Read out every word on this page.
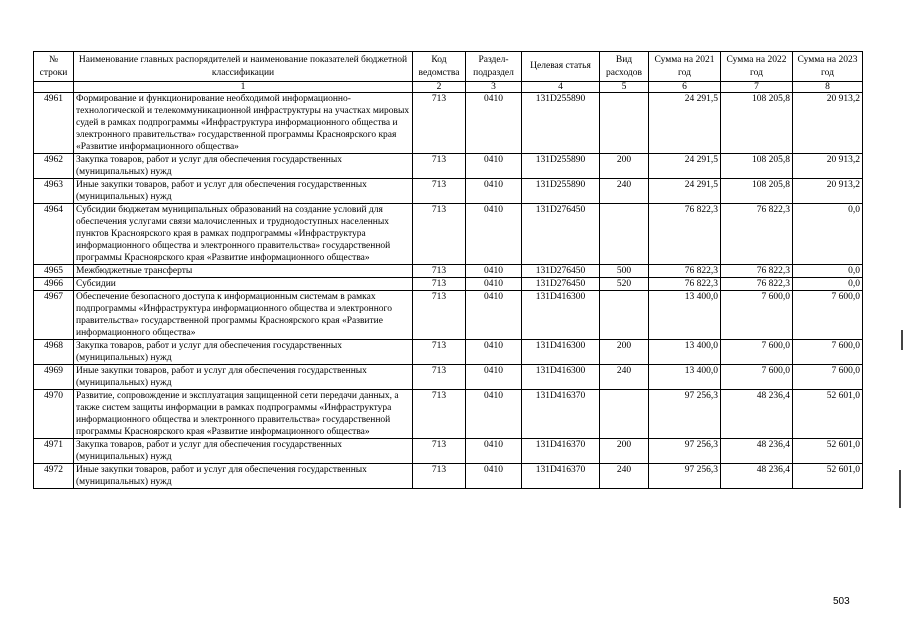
№ строки	Наименование главных распорядителей и наименование показателей бюджетной классификации	Код ведомства	Раздел-подраздел	Целевая статья	Вид расходов	Сумма на 2021 год	Сумма на 2022 год	Сумма на 2023 год
	1	2	3	4	5	6	7	8
4961	Формирование и функционирование необходимой информационно-технологической и телекоммуникационной инфраструктуры на участках мировых судей в рамках подпрограммы «Инфраструктура информационного общества и электронного правительства» государственной программы Красноярского края «Развитие информационного общества»	713	0410	131D255890		24 291,5	108 205,8	20 913,2
4962	Закупка товаров, работ и услуг для обеспечения государственных (муниципальных) нужд	713	0410	131D255890	200	24 291,5	108 205,8	20 913,2
4963	Иные закупки товаров, работ и услуг для обеспечения государственных (муниципальных) нужд	713	0410	131D255890	240	24 291,5	108 205,8	20 913,2
4964	Субсидии бюджетам муниципальных образований на создание условий для обеспечения услугами связи малочисленных и труднодоступных населенных пунктов Красноярского края в рамках подпрограммы «Инфраструктура информационного общества и электронного правительства» государственной программы Красноярского края «Развитие информационного общества»	713	0410	131D276450		76 822,3	76 822,3	0,0
4965	Межбюджетные трансферты	713	0410	131D276450	500	76 822,3	76 822,3	0,0
4966	Субсидии	713	0410	131D276450	520	76 822,3	76 822,3	0,0
4967	Обеспечение безопасного доступа к информационным системам в рамках подпрограммы «Инфраструктура информационного общества и электронного правительства» государственной программы Красноярского края «Развитие информационного общества»	713	0410	131D416300		13 400,0	7 600,0	7 600,0
4968	Закупка товаров, работ и услуг для обеспечения государственных (муниципальных) нужд	713	0410	131D416300	200	13 400,0	7 600,0	7 600,0
4969	Иные закупки товаров, работ и услуг для обеспечения государственных (муниципальных) нужд	713	0410	131D416300	240	13 400,0	7 600,0	7 600,0
4970	Развитие, сопровождение и эксплуатация защищенной сети передачи данных, а также систем защиты информации в рамках подпрограммы «Инфраструктура информационного общества и электронного правительства» государственной программы Красноярского края «Развитие информационного общества»	713	0410	131D416370		97 256,3	48 236,4	52 601,0
4971	Закупка товаров, работ и услуг для обеспечения государственных (муниципальных) нужд	713	0410	131D416370	200	97 256,3	48 236,4	52 601,0
4972	Иные закупки товаров, работ и услуг для обеспечения государственных (муниципальных) нужд	713	0410	131D416370	240	97 256,3	48 236,4	52 601,0
503
